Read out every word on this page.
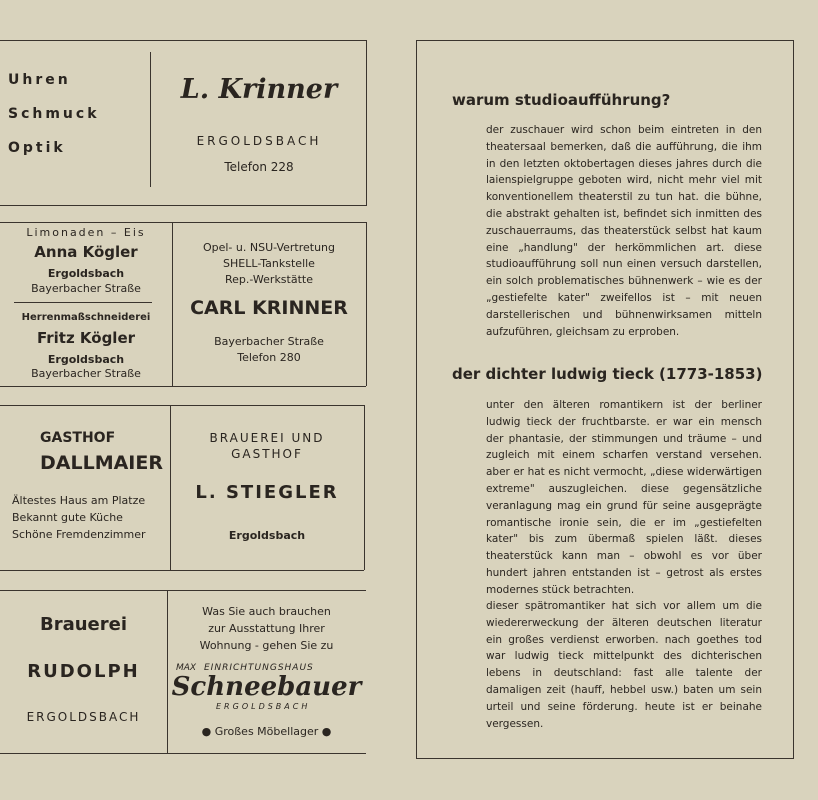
Uhren
Schmuck
Optik
L. Krinner
ERGOLDSBACH
Telefon 228
Limonaden – Eis
Anna Kögler
Ergoldsbach
Bayerbacher Straße
Herrenmaßschneiderei
Fritz Kögler
Ergoldsbach
Bayerbacher Straße
Opel- u. NSU-Vertretung
SHELL-Tankstelle
Rep.-Werkstätte
CARL KRINNER
Bayerbacher Straße
Telefon 280
GASTHOF
DALLMAIER
Ältestes Haus am Platze
Bekannt gute Küche
Schöne Fremdenzimmer
BRAUEREI UND
GASTHOF
L. STIEGLER
Ergoldsbach
Brauerei
RUDOLPH
ERGOLDSBACH
Was Sie auch brauchen
zur Ausstattung Ihrer
Wohnung - gehen Sie zu
MAX EINRICHTUNGSHAUS
Schneebauer
ERGOLDSBACH
● Großes Möbellager ●
warum studioaufführung?

der zuschauer wird schon beim eintreten in den theatersaal bemerken, daß die aufführung, die ihm in den letzten oktobertagen dieses jahres durch die laienspielgruppe geboten wird, nicht mehr viel mit konventionellem theaterstil zu tun hat. die bühne, die abstrakt gehalten ist, befindet sich inmitten des zuschauerraums, das theaterstück selbst hat kaum eine „handlung" der herkömmlichen art. diese studioaufführung soll nun einen versuch darstellen, ein solch problematisches bühnenwerk – wie es der „gestiefelte kater" zweifellos ist – mit neuen darstellerischen und bühnenwirksamen mitteln aufzuführen, gleichsam zu erproben.

der dichter ludwig tieck (1773-1853)

unter den älteren romantikern ist der berliner ludwig tieck der fruchtbarste. er war ein mensch der phantasie, der stimmungen und träume – und zugleich mit einem scharfen verstand versehen. aber er hat es nicht vermocht, „diese widerwärtigen extreme" auszugleichen. diese gegensätzliche veranlagung mag ein grund für seine ausgeprägte romantische ironie sein, die er im „gestiefelten kater" bis zum übermaß spielen läßt. dieses theaterstück kann man – obwohl es vor über hundert jahren entstanden ist – getrost als erstes modernes stück betrachten.

dieser spätromantiker hat sich vor allem um die wiedererweckung der älteren deutschen literatur ein großes verdienst erworben. nach goethes tod war ludwig tieck mittelpunkt des dichterischen lebens in deutschland: fast alle talente der damaligen zeit (hauff, hebbel usw.) baten um sein urteil und seine förderung. heute ist er beinahe vergessen.
